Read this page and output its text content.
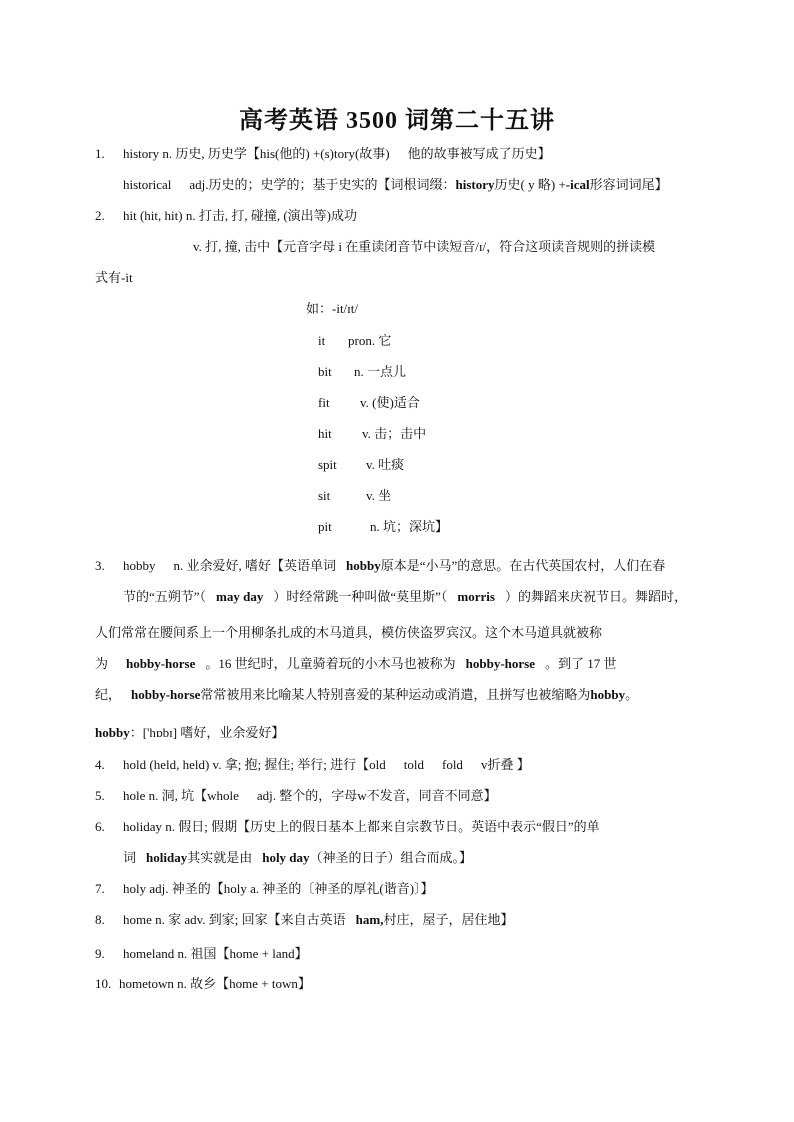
高考英语 3500 词第二十五讲
1. history n. 历史, 历史学【his(他的) +(s)tory(故事) 他的故事被写成了历史】
historical adj.历史的；史学的；基于史实的【词根词缀：history历史( y 略) +-ical形容词词尾】
2. hit (hit, hit) n. 打击, 打, 碰撞, (演出等)成功
v. 打, 撞, 击中【元音字母 i 在重读闭音节中读短音/ɪ/，符合这项读音规则的拼读模
式有-it
如：-it/ɪt/
it pron. 它
bit n. 一点儿
fit v. (使)适合
hit v. 击；击中
spit v. 吐痰
sit	v. 坐
pit	n. 坑；深坑】
3. hobby n. 业余爱好, 嗜好【英语单词 hobby原本是“小马”的意思。在古代英国农村，人们在春
节的“五朔节”（ may day ）时经常跳一种叫做“莫里斯”（ morris ）的舞蹈来庆祝节日。舞蹈时，
人们常常在腰间系上一个用柳条扎成的木马道具，模仿侠盗罗宾汉。这个木马道具就被称
为 hobby-horse 。16 世纪时，儿童骑着玩的小木马也被称为 hobby-horse 。到了 17 世
纪， hobby-horse常常被用来比喻某人特别喜爱的某种运动或消遣，且拼写也被缩略为hobby。
hobby：['hɒbɪ] 嗜好，业余爱好】
4. hold (held, held) v. 拿; 抱; 握住; 举行; 进行【old told fold v折叠 】
5. hole n. 洞, 坑【whole adj. 整个的，字母w不发音，同音不同意】
6. holiday n. 假日; 假期【历史上的假日基本上都来自宗教节日。英语中表示“假日”的单
词 holiday其实就是由 holy day（神圣的日子）组合而成。】
7. holy adj. 神圣的【holy a. 神圣的〔神圣的厚礼(谐音)〕】
8. home n. 家 adv. 到家; 回家【来自古英语 ham,村庄，屋子，居住地】
9. homeland n. 祖国【home + land】
10. hometown n. 故乡【home + town】
